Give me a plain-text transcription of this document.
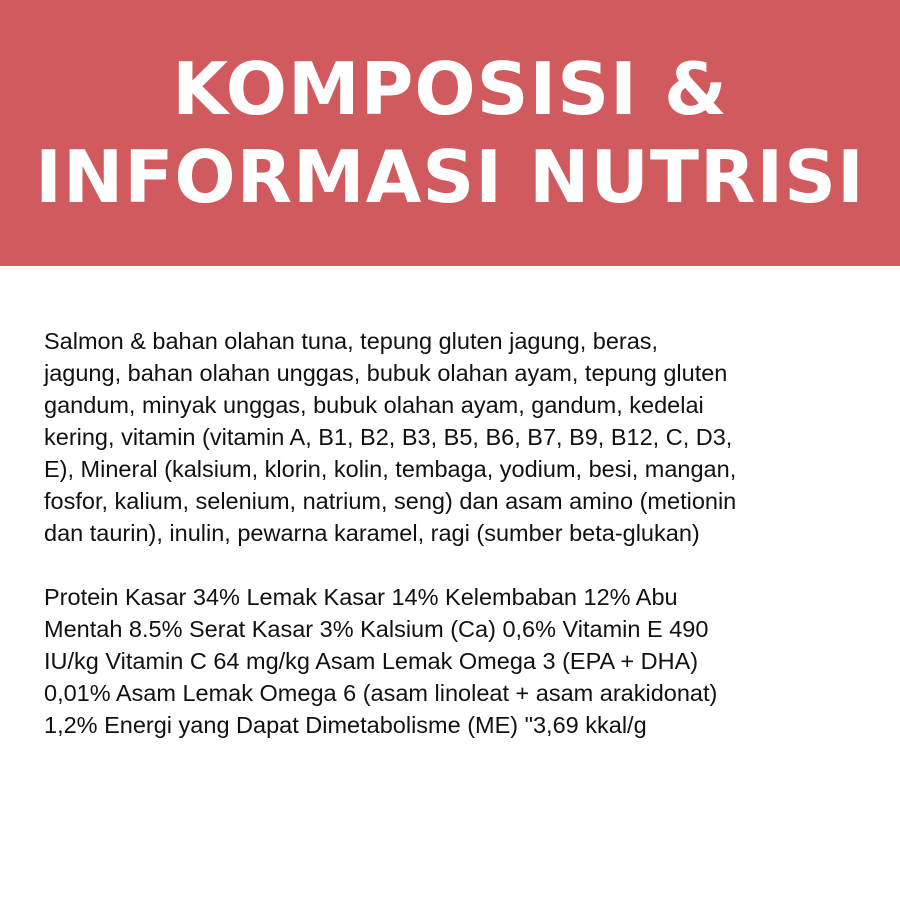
KOMPOSISI &
INFORMASI NUTRISI

Salmon & bahan olahan tuna, tepung gluten jagung, beras,
jagung, bahan olahan unggas, bubuk olahan ayam, tepung gluten
gandum, minyak unggas, bubuk olahan ayam, gandum, kedelai
kering, vitamin (vitamin A, B1, B2, B3, B5, B6, B7, B9, B12, C, D3,
E), Mineral (kalsium, klorin, kolin, tembaga, yodium, besi, mangan,
fosfor, kalium, selenium, natrium, seng) dan asam amino (metionin
dan taurin), inulin, pewarna karamel, ragi (sumber beta-glukan)

Protein Kasar 34% Lemak Kasar 14% Kelembaban 12% Abu
Mentah 8.5% Serat Kasar 3% Kalsium (Ca) 0,6% Vitamin E 490
IU/kg Vitamin C 64 mg/kg Asam Lemak Omega 3 (EPA + DHA)
0,01% Asam Lemak Omega 6 (asam linoleat + asam arakidonat)
1,2% Energi yang Dapat Dimetabolisme (ME) "3,69 kkal/g
